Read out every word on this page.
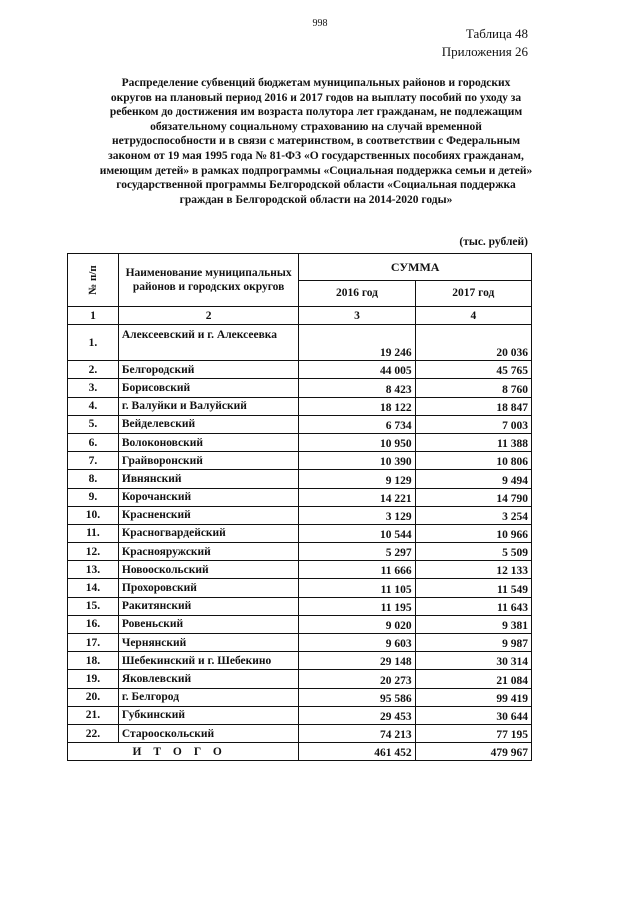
998
Таблица 48
Приложения 26
Распределение субвенций бюджетам муниципальных районов и городских
округов на плановый период 2016 и 2017 годов на выплату пособий по уходу за
ребенком до достижения им возраста полутора лет гражданам, не подлежащим
обязательному социальному страхованию на случай временной
нетрудоспособности и в связи с материнством, в соответствии с Федеральным
законом от 19 мая 1995 года № 81-ФЗ «О государственных пособиях гражданам,
имеющим детей» в рамках подпрограммы «Социальная поддержка семьи и детей»
государственной программы Белгородской области «Социальная поддержка
граждан в Белгородской области на 2014-2020 годы»
(тыс. рублей)
№ п/п	Наименование муниципальных районов и городских округов	СУММА	
		2016 год	2017 год
1	2	3	4
1.	Алексеевский и г. Алексеевка	19 246	20 036
2.	Белгородский	44 005	45 765
3.	Борисовский	8 423	8 760
4.	г. Валуйки и Валуйский	18 122	18 847
5.	Вейделевский	6 734	7 003
6.	Волоконовский	10 950	11 388
7.	Грайворонский	10 390	10 806
8.	Ивнянский	9 129	9 494
9.	Корочанский	14 221	14 790
10.	Красненский	3 129	3 254
11.	Красногвардейский	10 544	10 966
12.	Краснояружский	5 297	5 509
13.	Новооскольский	11 666	12 133
14.	Прохоровский	11 105	11 549
15.	Ракитянский	11 195	11 643
16.	Ровеньский	9 020	9 381
17.	Чернянский	9 603	9 987
18.	Шебекинский и г. Шебекино	29 148	30 314
19.	Яковлевский	20 273	21 084
20.	г. Белгород	95 586	99 419
21.	Губкинский	29 453	30 644
22.	Старооскольский	74 213	77 195
ИТОГО		461 452	479 967
